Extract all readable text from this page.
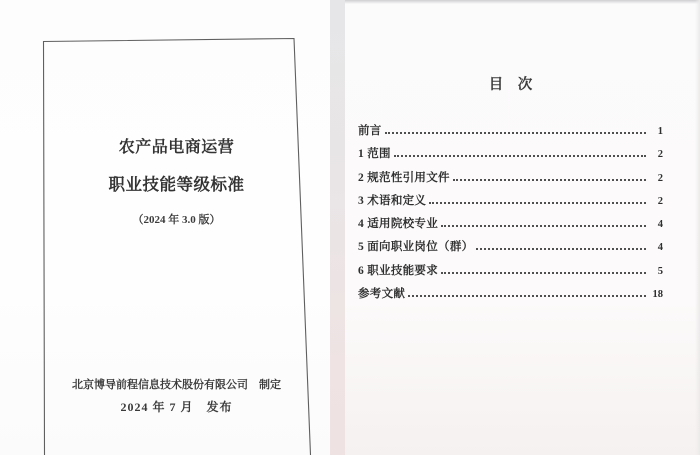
农产品电商运营
职业技能等级标准
（2024 年 3.0 版）
北京博导前程信息技术股份有限公司　制定
2024 年 7 月　发布
目　次
前言	1
1 范围	2
2 规范性引用文件	2
3 术语和定义	2
4 适用院校专业	4
5 面向职业岗位（群）	4
6 职业技能要求	5
参考文献	18
